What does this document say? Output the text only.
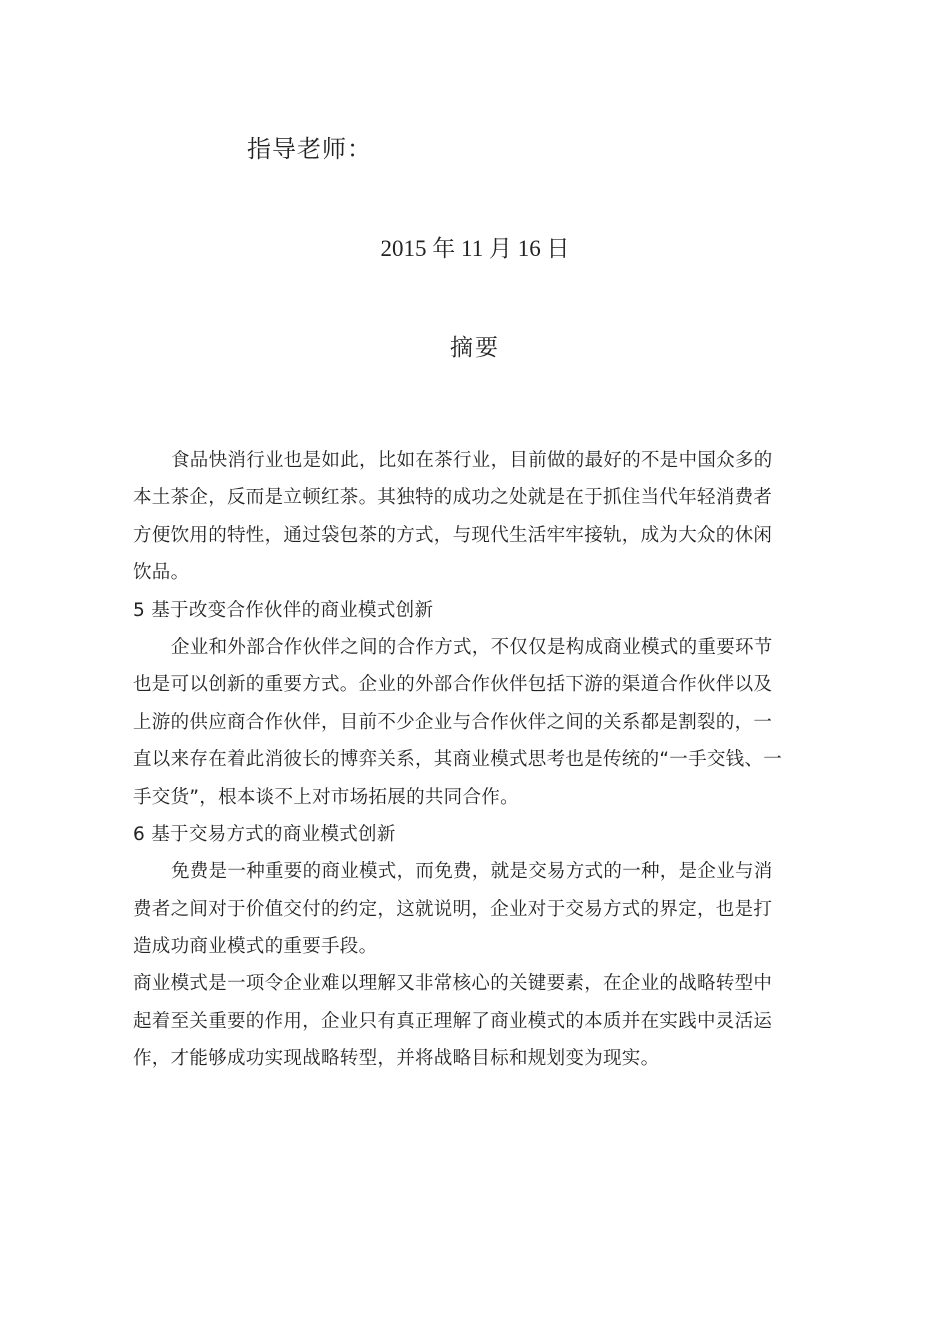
指导老师：
2015 年 11 月 16 日
摘要
食品快消行业也是如此，比如在茶行业，目前做的最好的不是中国众多的
本土茶企，反而是立顿红茶。其独特的成功之处就是在于抓住当代年轻消费者
方便饮用的特性，通过袋包茶的方式，与现代生活牢牢接轨，成为大众的休闲
饮品。
5 基于改变合作伙伴的商业模式创新
企业和外部合作伙伴之间的合作方式，不仅仅是构成商业模式的重要环节
也是可以创新的重要方式。企业的外部合作伙伴包括下游的渠道合作伙伴以及
上游的供应商合作伙伴，目前不少企业与合作伙伴之间的关系都是割裂的，一
直以来存在着此消彼长的博弈关系，其商业模式思考也是传统的“一手交钱、一
手交货”，根本谈不上对市场拓展的共同合作。
6 基于交易方式的商业模式创新
免费是一种重要的商业模式，而免费，就是交易方式的一种，是企业与消
费者之间对于价值交付的约定，这就说明，企业对于交易方式的界定，也是打
造成功商业模式的重要手段。
商业模式是一项令企业难以理解又非常核心的关键要素，在企业的战略转型中
起着至关重要的作用，企业只有真正理解了商业模式的本质并在实践中灵活运
作，才能够成功实现战略转型，并将战略目标和规划变为现实。
